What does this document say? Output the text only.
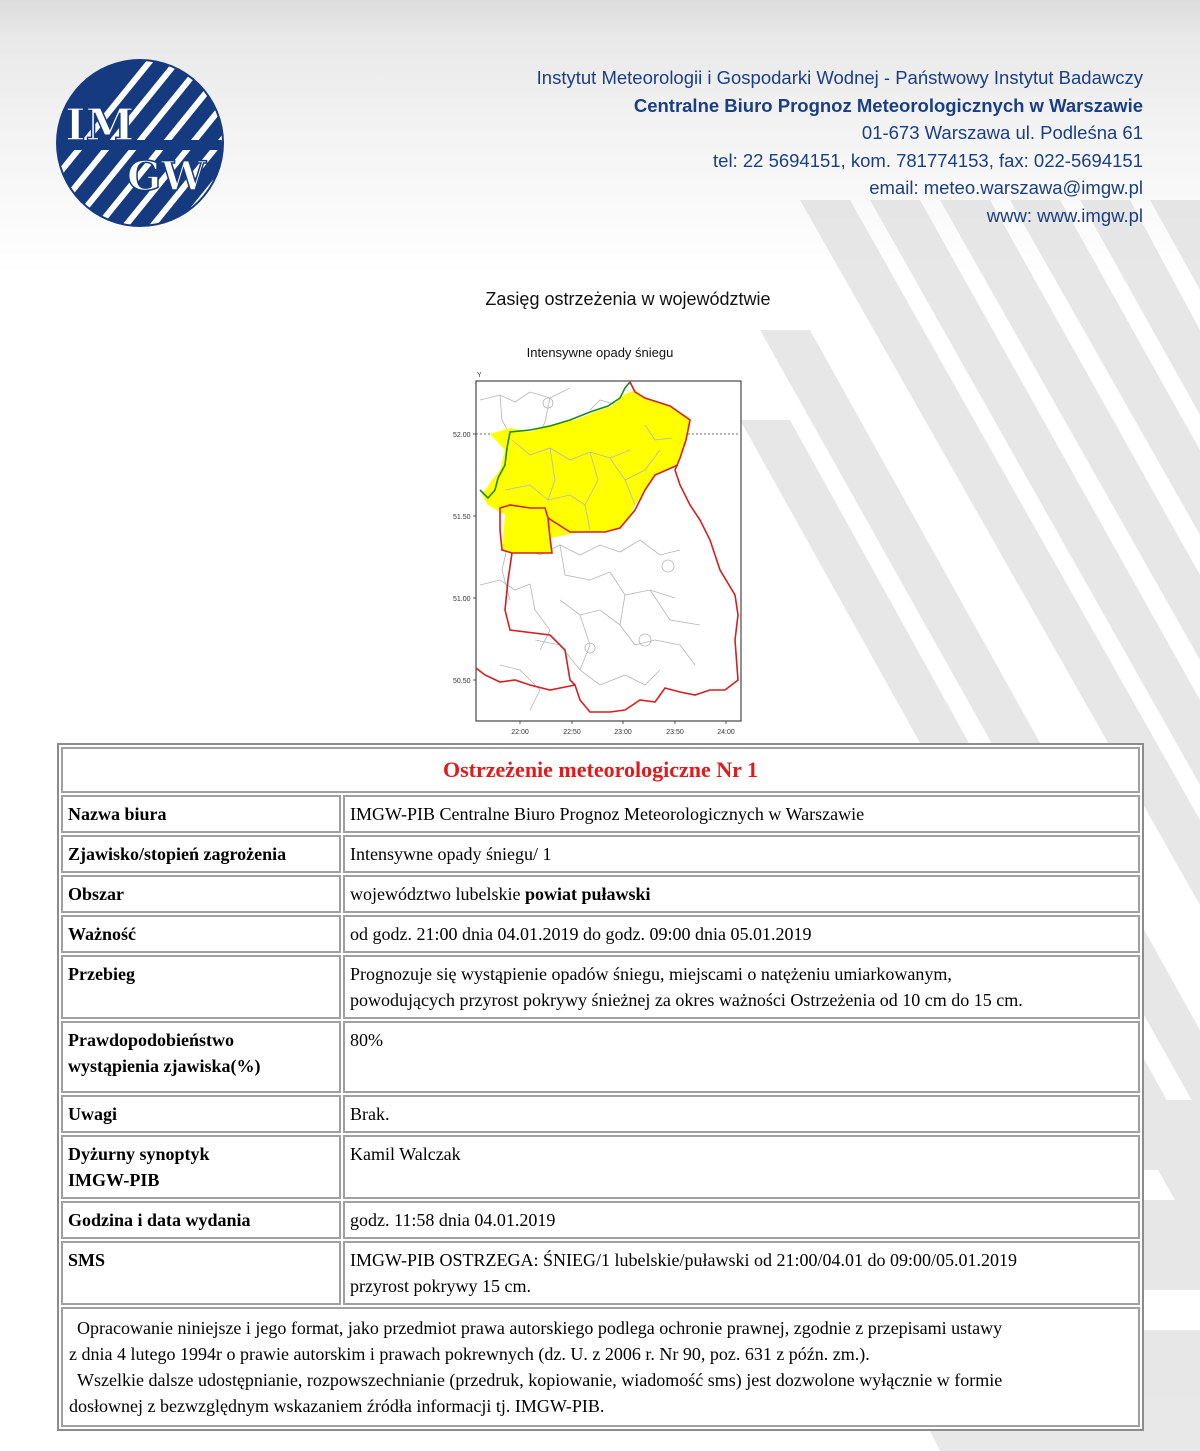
IM
GW
Instytut Meteorologii i Gospodarki Wodnej - Państwowy Instytut Badawczy
Centralne Biuro Prognoz Meteorologicznych w Warszawie
01-673 Warszawa ul. Podleśna 61
tel: 22 5694151, kom. 781774153, fax: 022-5694151
email: meteo.warszawa@imgw.pl
www: www.imgw.pl
Zasięg ostrzeżenia w województwie
Intensywne opady śniegu
Y
52.00
51.50
51.00
50.50
22:00	22:50	23:00	23:50	24:00
Ostrzeżenie meteorologiczne Nr 1	
Nazwa biura	IMGW-PIB Centralne Biuro Prognoz Meteorologicznych w Warszawie
Zjawisko/stopień zagrożenia	Intensywne opady śniegu/ 1
Obszar	województwo lubelskie powiat puławski
Ważność	od godz. 21:00 dnia 04.01.2019 do godz. 09:00 dnia 05.01.2019
Przebieg	Prognozuje się wystąpienie opadów śniegu, miejscami o natężeniu umiarkowanym,
powodujących przyrost pokrywy śnieżnej za okres ważności Ostrzeżenia od 10 cm do 15 cm.

Prawdopodobieństwo
wystąpienia zjawiska(%)	80%
Uwagi	Brak.

Dyżurny synoptyk
IMGW-PIB	Kamil Walczak
Godzina i data wydania	godz. 11:58 dnia 04.01.2019
SMS	IMGW-PIB OSTRZEGA: ŚNIEG/1 lubelskie/puławski od 21:00/04.01 do 09:00/05.01.2019
przyrost pokrywy 15 cm.

Opracowanie niniejsze i jego format, jako przedmiot prawa autorskiego podlega ochronie prawnej, zgodnie z przepisami ustawy

z dnia 4 lutego 1994r o prawie autorskim i prawach pokrewnych (dz. U. z 2006 r. Nr 90, poz. 631 z późn. zm.).

Wszelkie dalsze udostępnianie, rozpowszechnianie (przedruk, kopiowanie, wiadomość sms) jest dozwolone wyłącznie w formie

dosłownej z bezwzględnym wskazaniem źródła informacji tj. IMGW-PIB.	
